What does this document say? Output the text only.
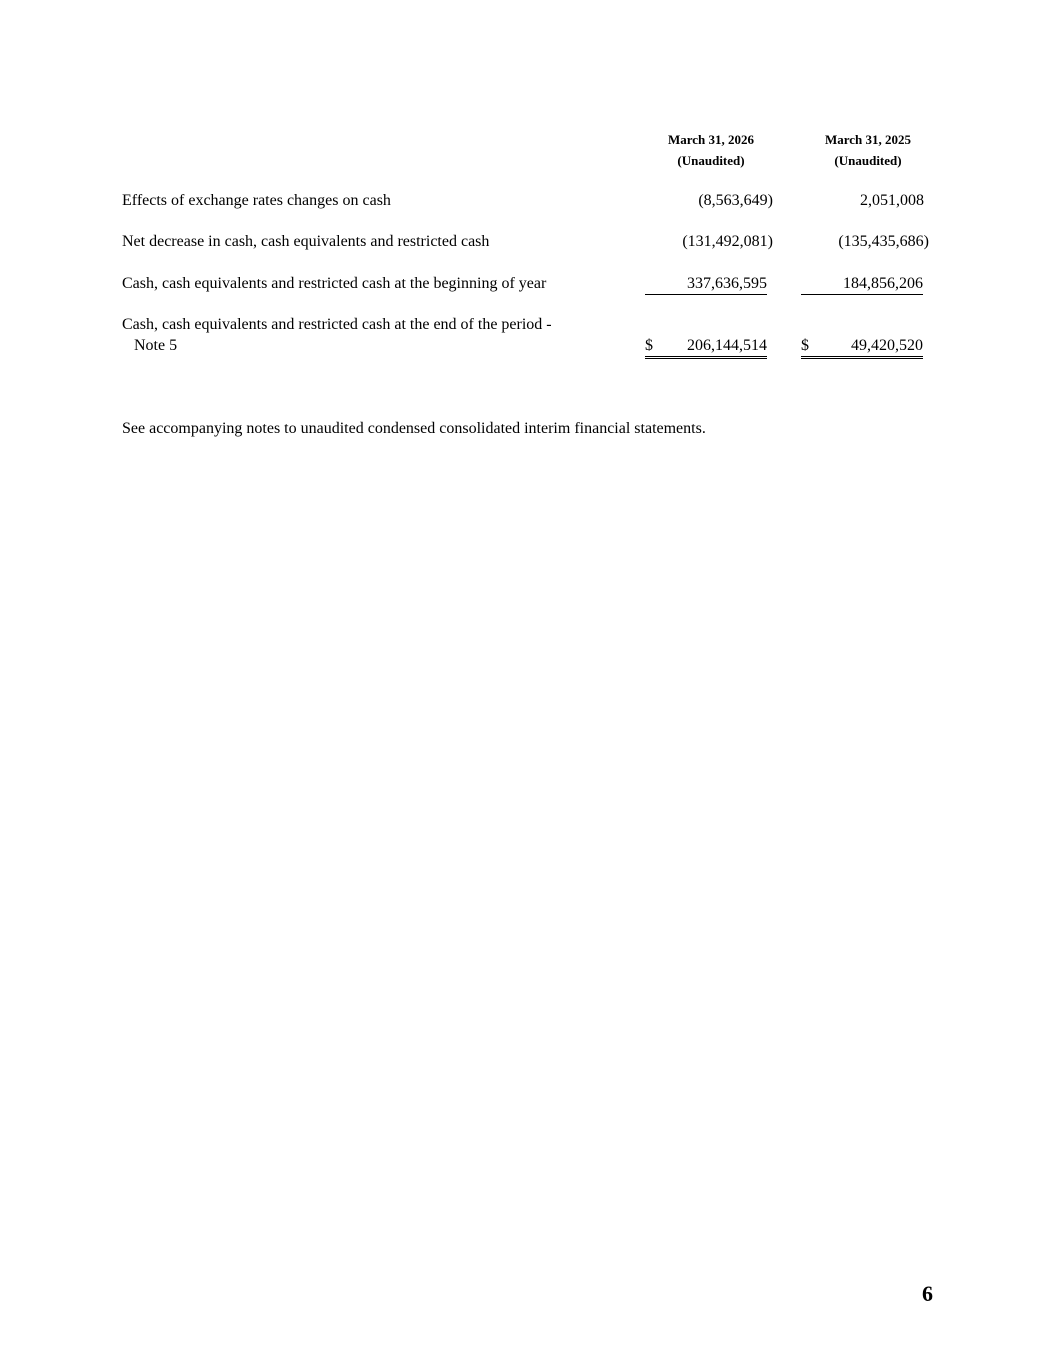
March 31, 2026
(Unaudited)
March 31, 2025
(Unaudited)
Effects of exchange rates changes on cash	(8,563,649)	2,051,008
Net decrease in cash, cash equivalents and restricted cash	(131,492,081)	(135,435,686)
Cash, cash equivalents and restricted cash at the beginning of year	337,636,595	184,856,206
Cash, cash equivalents and restricted cash at the end of the period -
Note 5	$ 206,144,514 $	49,420,520
See accompanying notes to unaudited condensed consolidated interim financial statements.
6
